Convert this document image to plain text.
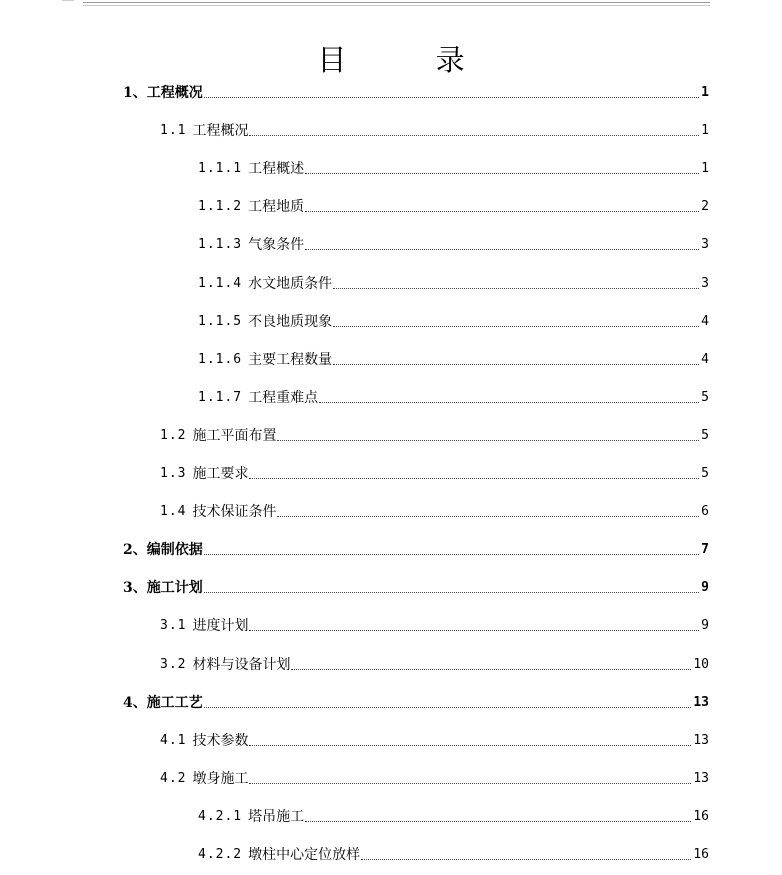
目 录
1、 工程概况	1
1.1 工程概况	1
1.1.1 工程概述	1
1.1.2 工程地质	2
1.1.3 气象条件	3
1.1.4 水文地质条件	3
1.1.5 不良地质现象	4
1.1.6 主要工程数量	4
1.1.7 工程重难点	5
1.2 施工平面布置	5
1.3 施工要求	5
1.4 技术保证条件	6
2、 编制依据	7
3、 施工计划	9
3.1 进度计划	9
3.2 材料与设备计划	10
4、 施工工艺	13
4.1 技术参数	13
4.2 墩身施工	13
4.2.1 塔吊施工	16
4.2.2 墩柱中心定位放样	16
